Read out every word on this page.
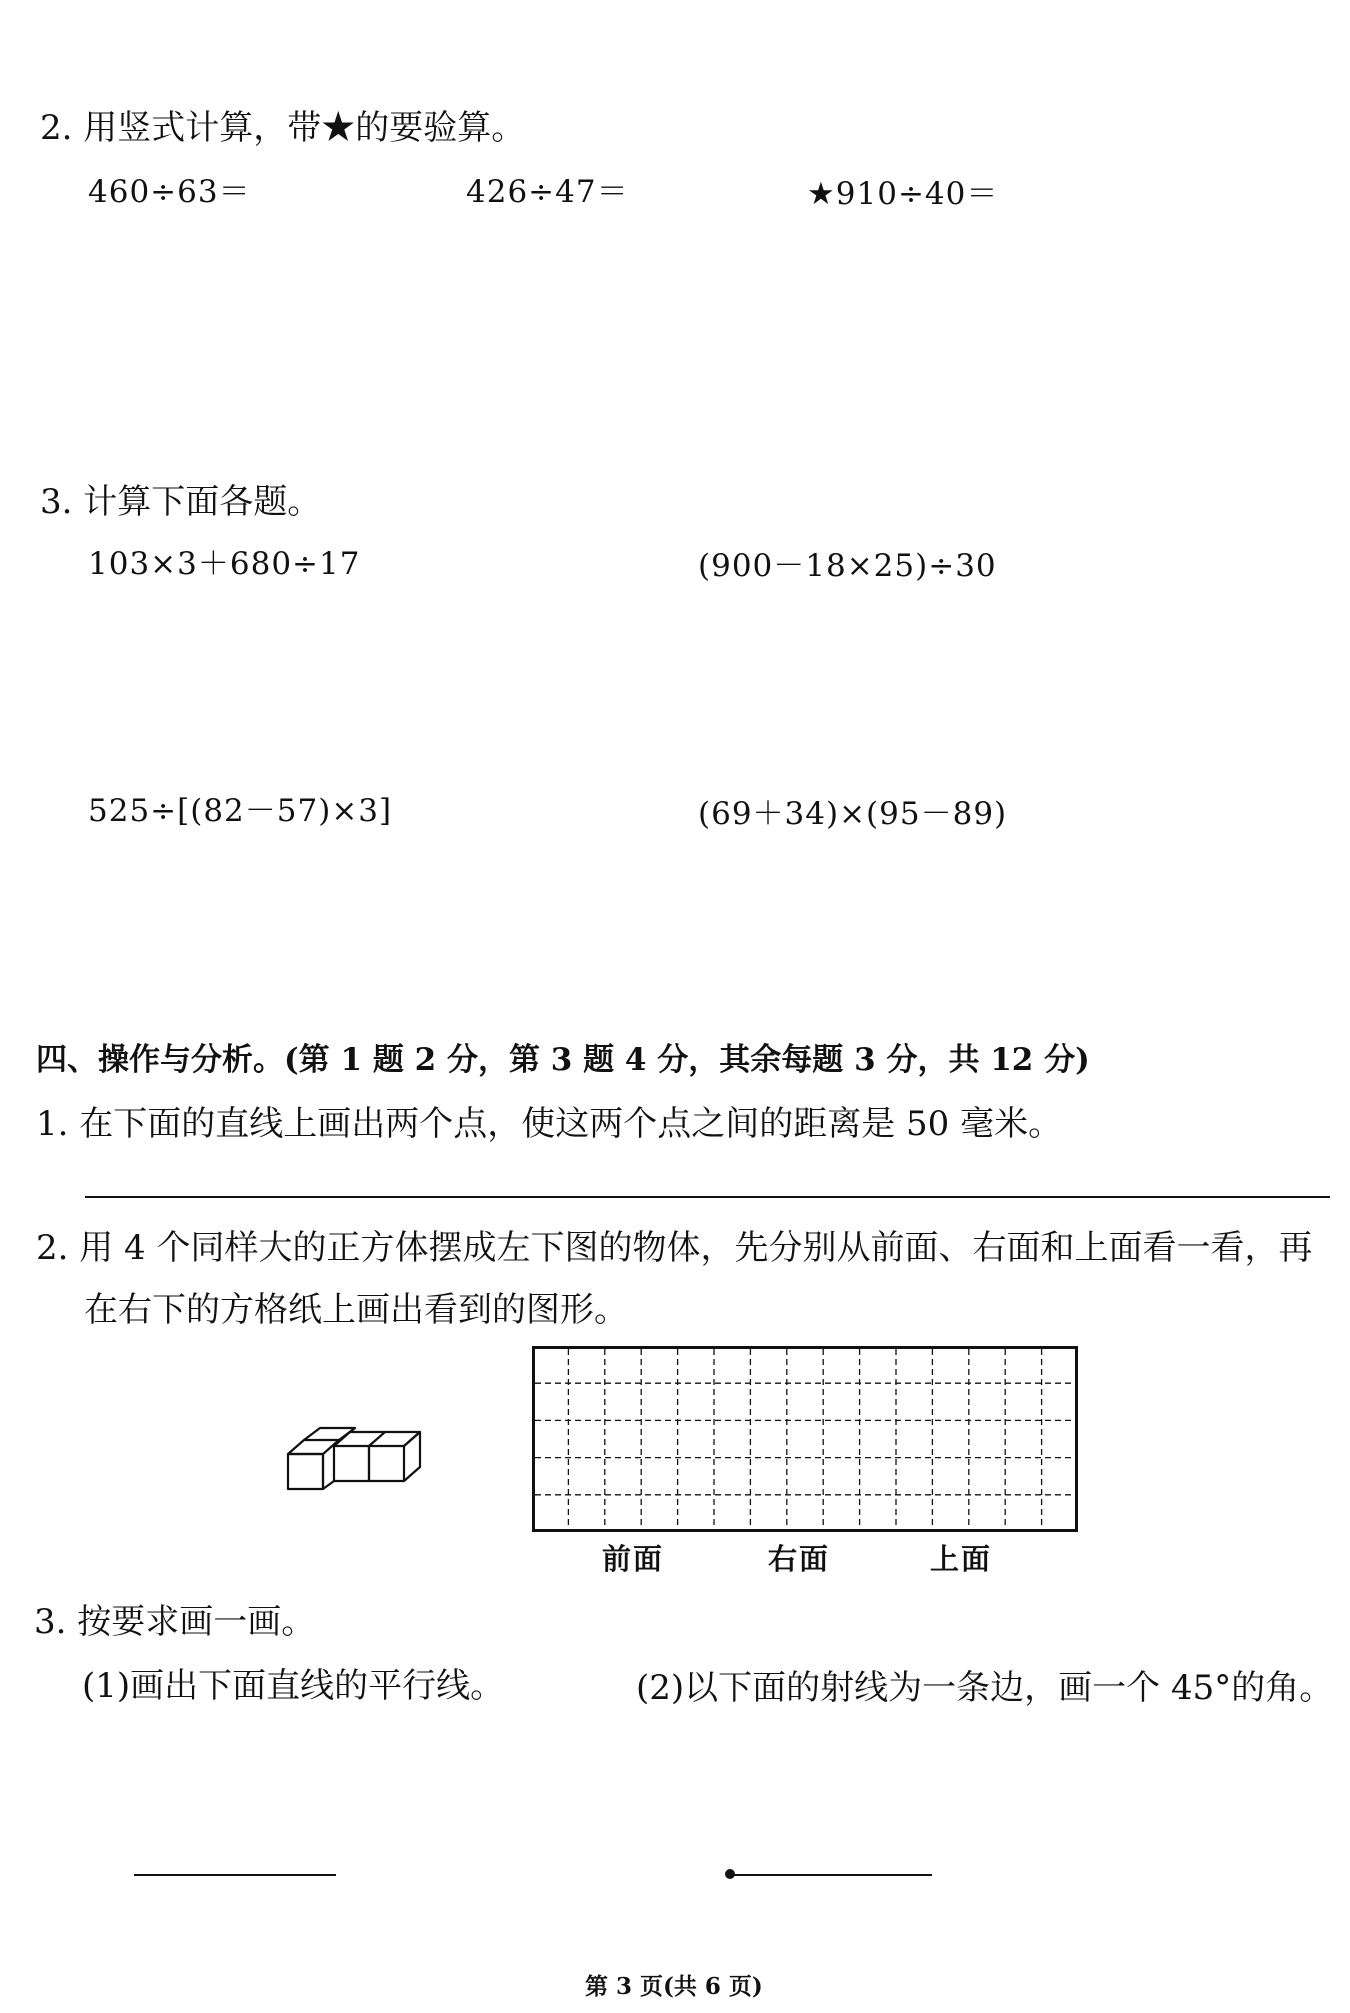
2. 用竖式计算，带★的要验算。
460÷63＝	426÷47＝	★910÷40＝
3. 计算下面各题。
103×3＋680÷17	(900－18×25)÷30
525÷[(82－57)×3]	(69＋34)×(95－89)
四、操作与分析。(第 1 题 2 分，第 3 题 4 分，其余每题 3 分，共 12 分)
1. 在下面的直线上画出两个点，使这两个点之间的距离是 50 毫米。
2. 用 4 个同样大的正方体摆成左下图的物体，先分别从前面、右面和上面看一看，再
在右下的方格纸上画出看到的图形。
前面	右面	上面
3. 按要求画一画。
(1)画出下面直线的平行线。	(2)以下面的射线为一条边，画一个 45°的角。
第 3 页(共 6 页)
